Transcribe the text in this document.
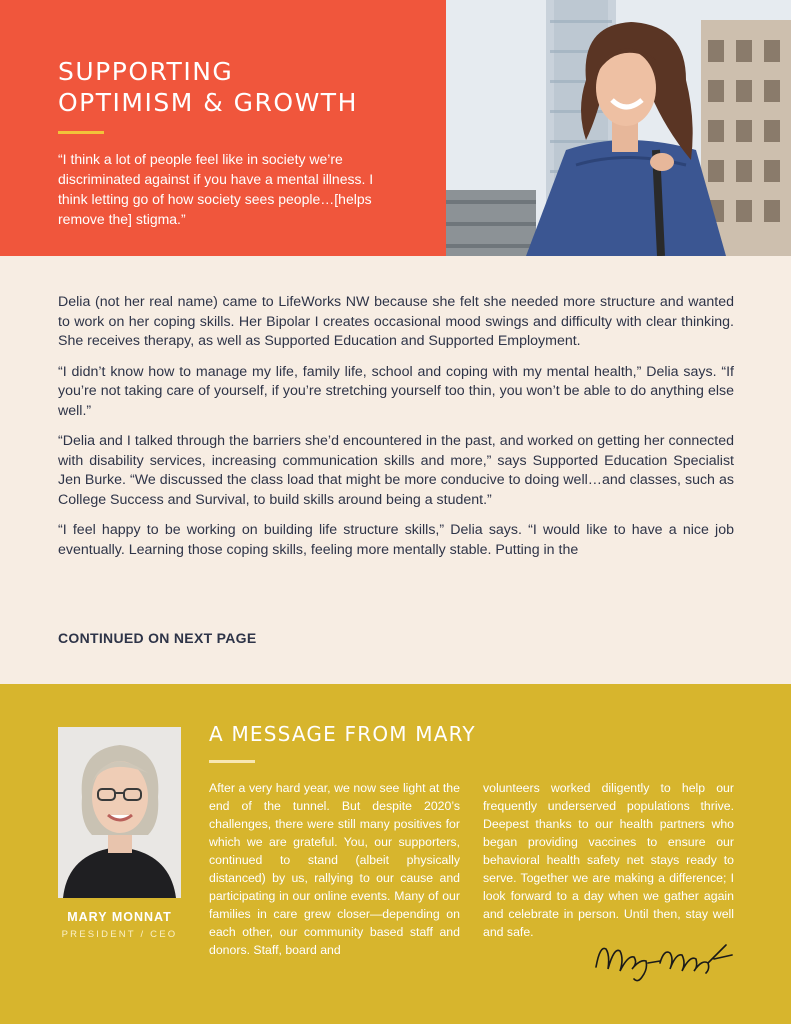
SUPPORTING
OPTIMISM & GROWTH
“I think a lot of people feel like in society we’re discriminated against if you have a mental illness. I think letting go of how society sees people…[helps remove the] stigma.”

Delia (not her real name) came to LifeWorks NW because she felt she needed more structure and wanted to work on her coping skills. Her Bipolar I creates occasional mood swings and difficulty with clear thinking. She receives therapy, as well as Supported Education and Supported Employment.

“I didn’t know how to manage my life, family life, school and coping with my mental health,” Delia says. “If you’re not taking care of yourself, if you’re stretching yourself too thin, you won’t be able to do anything else well.”

“Delia and I talked through the barriers she’d encountered in the past, and worked on getting her connected with disability services, increasing communication skills and more,” says Supported Education Specialist Jen Burke. “We discussed the class load that might be more conducive to doing well…and classes, such as College Success and Survival, to build skills around being a student.”

“I feel happy to be working on building life structure skills,” Delia says. “I would like to have a nice job eventually. Learning those coping skills, feeling more mentally stable. Putting in the

CONTINUED ON NEXT PAGE
MARY MONNAT
PRESIDENT / CEO
A MESSAGE FROM MARY

After a very hard year, we now see light at the end of the tunnel. But despite 2020’s challenges, there were still many positives for which we are grateful. You, our supporters, continued to stand (albeit physically distanced) by us, rallying to our cause and participating in our online events. Many of our families in care grew closer—depending on each other, our community based staff and donors. Staff, board and

volunteers worked diligently to help our frequently underserved populations thrive. Deepest thanks to our health partners who began providing vaccines to ensure our behavioral health safety net stays ready to serve. Together we are making a difference; I look forward to a day when we gather again and celebrate in person. Until then, stay well and safe.
